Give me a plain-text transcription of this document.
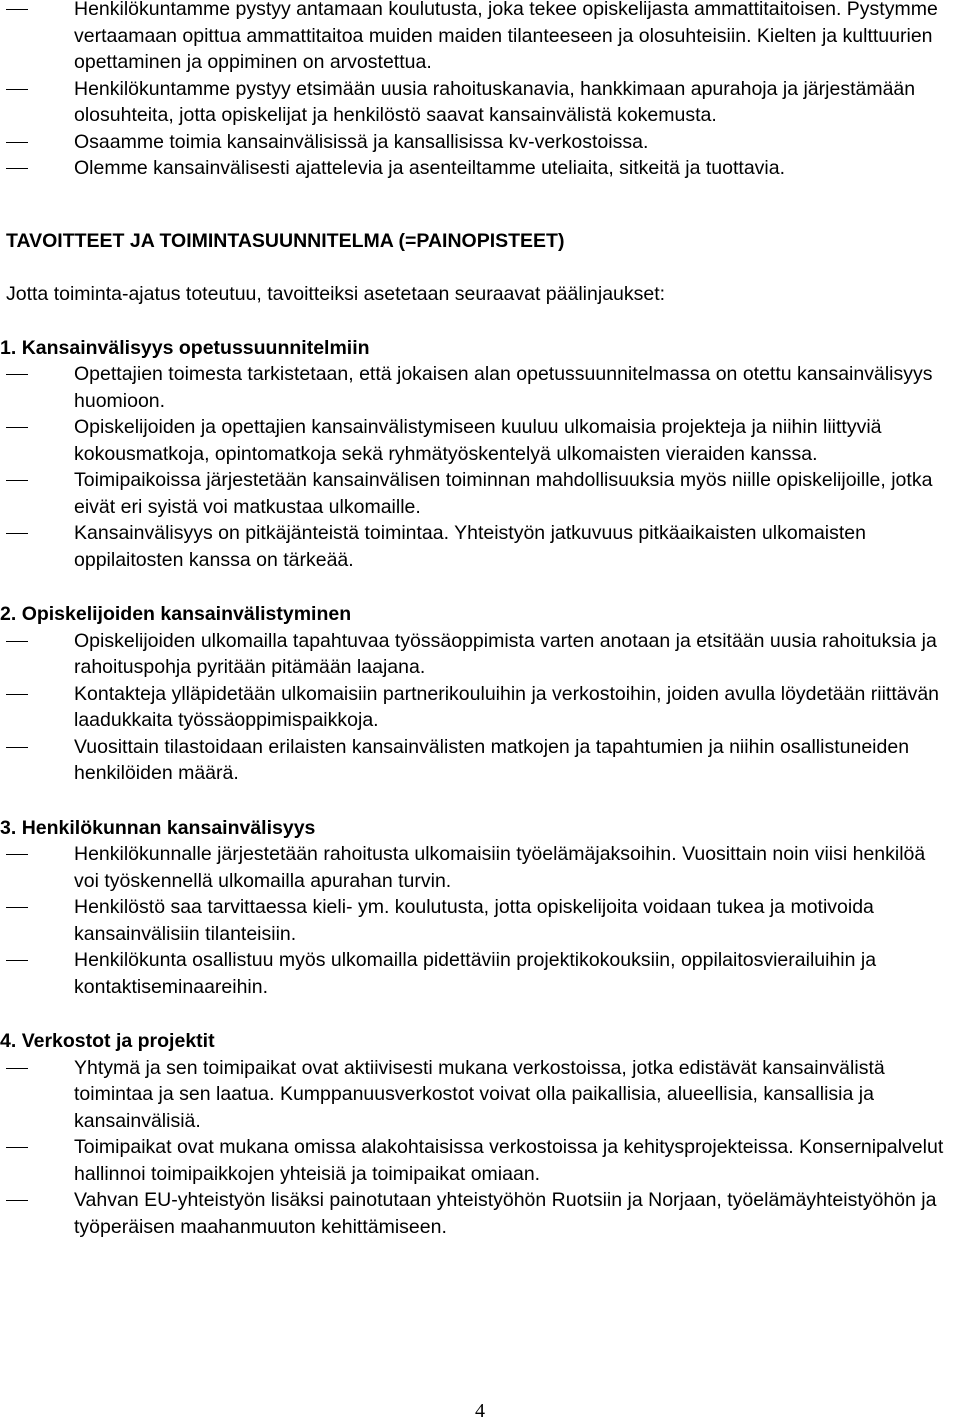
Henkilökuntamme pystyy antamaan koulutusta, joka tekee opiskelijasta ammattitaitoisen. Pystymme vertaamaan opittua ammattitaitoa muiden maiden tilanteeseen ja olosuhteisiin. Kielten ja kulttuurien opettaminen ja oppiminen on arvostettua.
Henkilökuntamme pystyy etsimään uusia rahoituskanavia, hankkimaan apurahoja ja järjestämään olosuhteita, jotta opiskelijat ja henkilöstö saavat kansainvälistä kokemusta.
Osaamme toimia kansainvälisissä ja kansallisissa kv-verkostoissa.
Olemme kansainvälisesti ajattelevia ja asenteiltamme uteliaita, sitkeitä ja tuottavia.
TAVOITTEET JA TOIMINTASUUNNITELMA (=PAINOPISTEET)

Jotta toiminta-ajatus toteutuu, tavoitteiksi asetetaan seuraavat päälinjaukset:

1. Kansainvälisyys opetussuunnitelmiin

Opettajien toimesta tarkistetaan, että jokaisen alan opetussuunnitelmassa on otettu kansainvälisyys huomioon.
Opiskelijoiden ja opettajien kansainvälistymiseen kuuluu ulkomaisia projekteja ja niihin liittyviä kokousmatkoja, opintomatkoja sekä ryhmätyöskentelyä ulkomaisten vieraiden kanssa.
Toimipaikoissa järjestetään kansainvälisen toiminnan mahdollisuuksia myös niille opiskelijoille, jotka eivät eri syistä voi matkustaa ulkomaille.
Kansainvälisyys on pitkäjänteistä toimintaa. Yhteistyön jatkuvuus pitkäaikaisten ulkomaisten oppilaitosten kanssa on tärkeää.

2. Opiskelijoiden kansainvälistyminen

Opiskelijoiden ulkomailla tapahtuvaa työssäoppimista varten anotaan ja etsitään uusia rahoituksia ja rahoituspohja pyritään pitämään laajana.
Kontakteja ylläpidetään ulkomaisiin partnerikouluihin ja verkostoihin, joiden avulla löydetään riittävän laadukkaita työssäoppimispaikkoja.
Vuosittain tilastoidaan erilaisten kansainvälisten matkojen ja tapahtumien ja niihin osallistuneiden henkilöiden määrä.

3. Henkilökunnan kansainvälisyys

Henkilökunnalle järjestetään rahoitusta ulkomaisiin työelämäjaksoihin. Vuosittain noin viisi henkilöä voi työskennellä ulkomailla apurahan turvin.
Henkilöstö saa tarvittaessa kieli- ym. koulutusta, jotta opiskelijoita voidaan tukea ja motivoida kansainvälisiin tilanteisiin.
Henkilökunta osallistuu myös ulkomailla pidettäviin projektikokouksiin, oppilaitosvierailuihin ja kontaktiseminaareihin.

4. Verkostot ja projektit

Yhtymä ja sen toimipaikat ovat aktiivisesti mukana verkostoissa, jotka edistävät kansainvälistä toimintaa ja sen laatua. Kumppanuusverkostot voivat olla paikallisia, alueellisia, kansallisia ja kansainvälisiä.
Toimipaikat ovat mukana omissa alakohtaisissa verkostoissa ja kehitysprojekteissa. Konsernipalvelut hallinnoi toimipaikkojen yhteisiä ja toimipaikat omiaan.
Vahvan EU-yhteistyön lisäksi painotutaan yhteistyöhön Ruotsiin ja Norjaan, työelämäyhteistyöhön ja työperäisen maahanmuuton kehittämiseen.
4
